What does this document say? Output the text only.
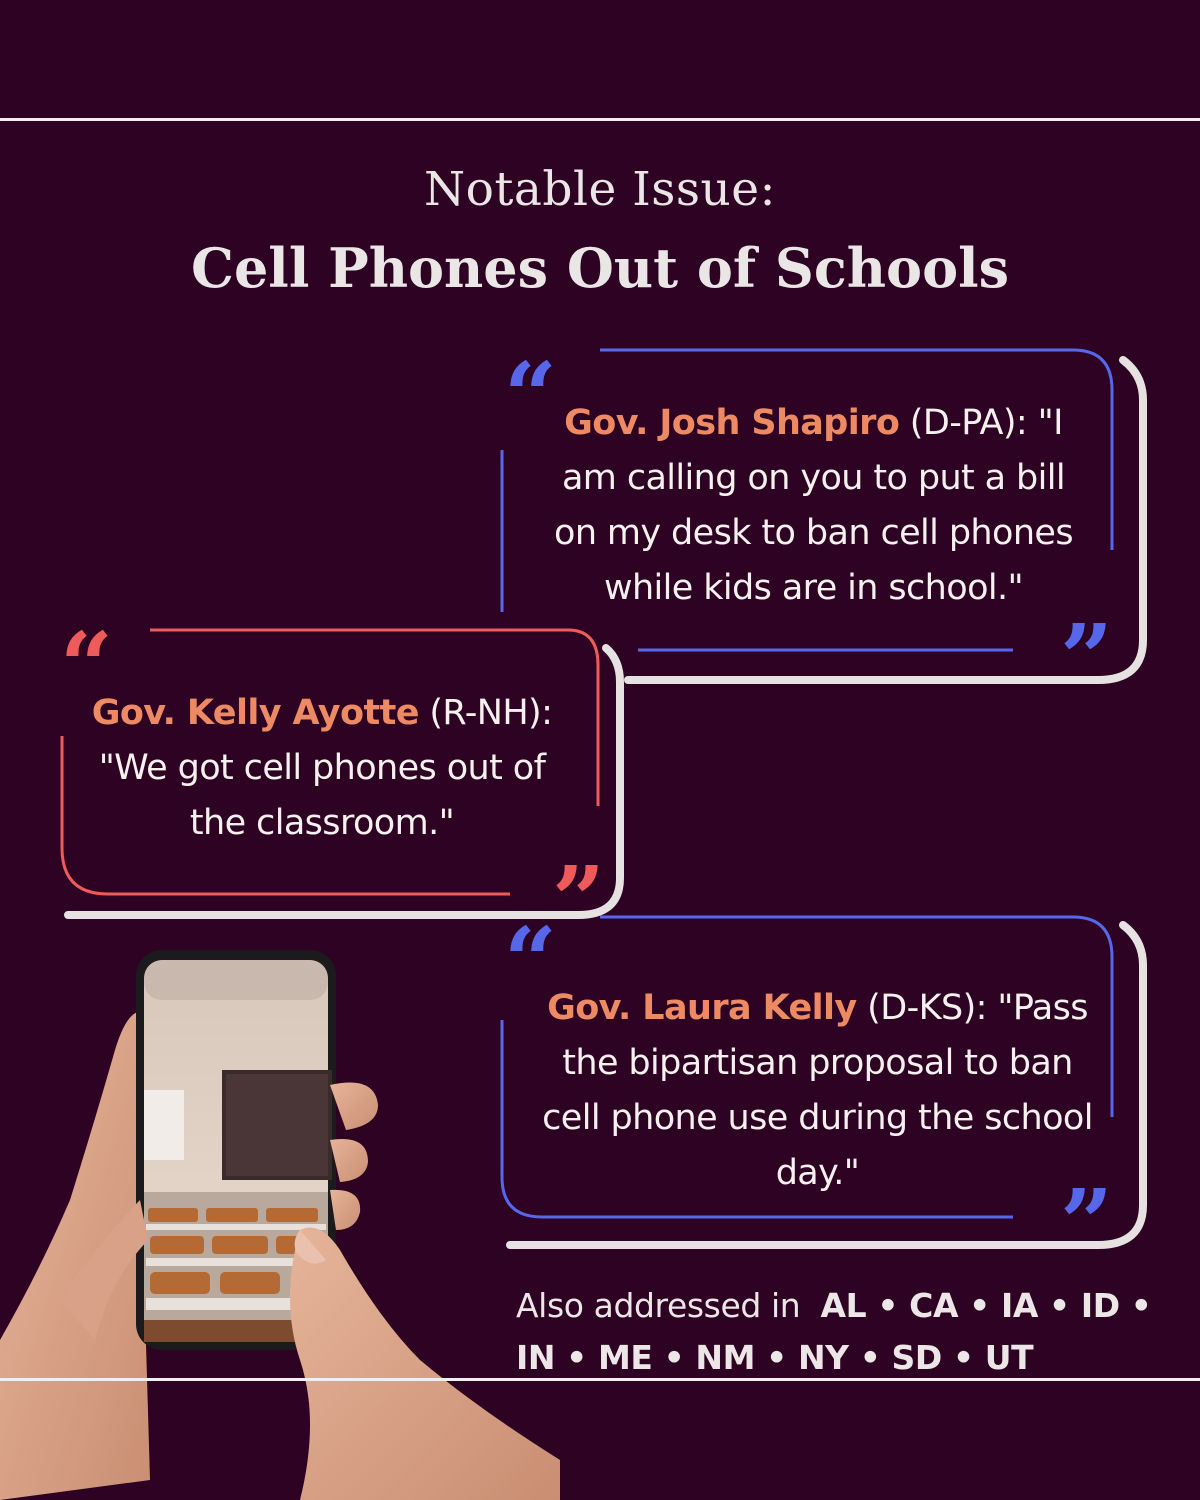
Notable Issue:
Cell Phones Out of Schools
“
”
Gov. Josh Shapiro (D-PA): "I am calling on you to put a bill on my desk to ban cell phones while kids are in school."
“
”
Gov. Kelly Ayotte (R-NH): "We got cell phones out of the classroom."
“
”
Gov. Laura Kelly (D-KS): "Pass the bipartisan proposal to ban cell phone use during the school day."
Also addressed in AL • CA • IA • ID • IN • ME • NM • NY • SD • UT
